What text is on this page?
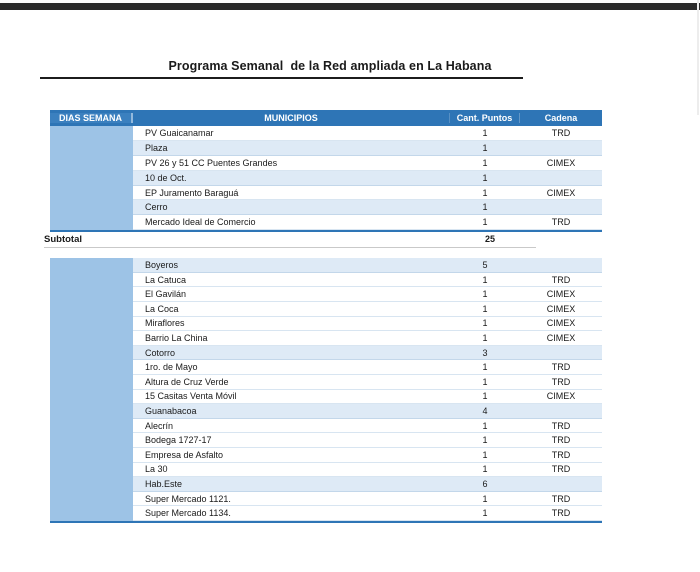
Programa Semanal  de la Red ampliada en La Habana
DIAS SEMANA	MUNICIPIOS	Cant. Puntos	Cadena
PV Guaicanamar	1	TRD
Plaza	1
PV 26 y 51 CC Puentes Grandes	1	CIMEX
10 de Oct.	1
EP Juramento Baraguá	1	CIMEX
Cerro	1
Mercado Ideal de Comercio	1	TRD
Subtotal	25
Boyeros	5
La Catuca	1	TRD
El Gavilán	1	CIMEX
La Coca	1	CIMEX
Miraflores	1	CIMEX
Barrio La China	1	CIMEX
Cotorro	3
1ro. de Mayo	1	TRD
Altura de Cruz Verde	1	TRD
15 Casitas Venta Móvil	1	CIMEX
Guanabacoa	4
Alecrín	1	TRD
Bodega 1727-17	1	TRD
Empresa de Asfalto	1	TRD
La 30	1	TRD
Hab.Este	6
Super Mercado 1121.	1	TRD
Super Mercado 1134.	1	TRD
